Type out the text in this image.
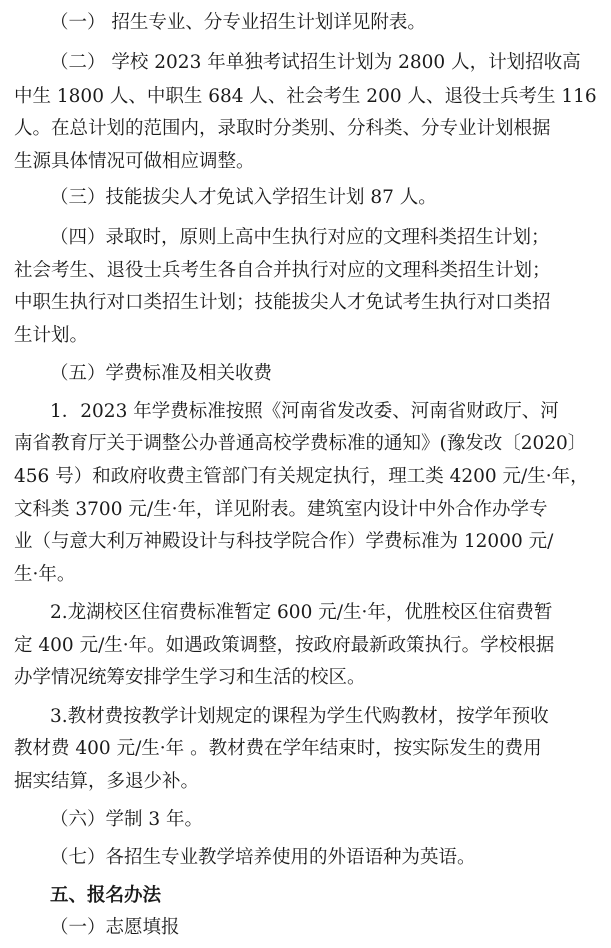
（一） 招生专业、分专业招生计划详见附表。
（二） 学校 2023 年单独考试招生计划为 2800 人，计划招收高
中生 1800 人、中职生 684 人、社会考生 200 人、退役士兵考生 116
人。在总计划的范围内，录取时分类别、分科类、分专业计划根据
生源具体情况可做相应调整。
（三）技能拔尖人才免试入学招生计划 87 人。
（四）录取时，原则上高中生执行对应的文理科类招生计划；
社会考生、退役士兵考生各自合并执行对应的文理科类招生计划；
中职生执行对口类招生计划；技能拔尖人才免试考生执行对口类招
生计划。
（五）学费标准及相关收费
1．2023 年学费标准按照《河南省发改委、河南省财政厅、河
南省教育厅关于调整公办普通高校学费标准的通知》(豫发改〔2020〕
456 号）和政府收费主管部门有关规定执行，理工类 4200 元/生·年，
文科类 3700 元/生·年，详见附表。建筑室内设计中外合作办学专
业（与意大利万神殿设计与科技学院合作）学费标准为 12000 元/
生·年。
2.龙湖校区住宿费标准暂定 600 元/生·年，优胜校区住宿费暂
定 400 元/生·年。如遇政策调整，按政府最新政策执行。学校根据
办学情况统筹安排学生学习和生活的校区。
3.教材费按教学计划规定的课程为学生代购教材，按学年预收
教材费 400 元/生·年 。教材费在学年结束时，按实际发生的费用
据实结算，多退少补。
（六）学制 3 年。
（七）各招生专业教学培养使用的外语语种为英语。
五、报名办法
（一）志愿填报
